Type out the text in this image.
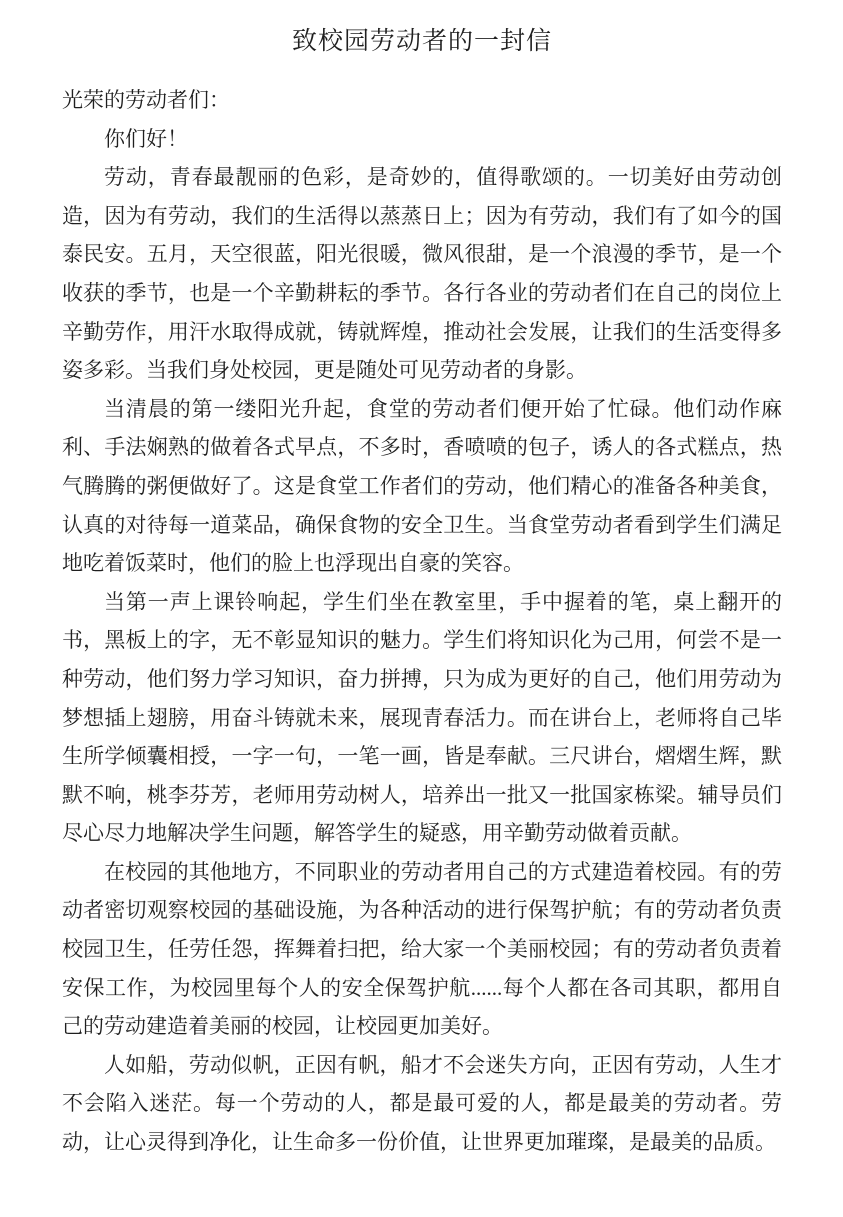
致校园劳动者的一封信

光荣的劳动者们：

你们好！

劳动，青春最靓丽的色彩，是奇妙的，值得歌颂的。一切美好由劳动创造，因为有劳动，我们的生活得以蒸蒸日上；因为有劳动，我们有了如今的国泰民安。五月，天空很蓝，阳光很暖，微风很甜，是一个浪漫的季节，是一个收获的季节，也是一个辛勤耕耘的季节。各行各业的劳动者们在自己的岗位上辛勤劳作，用汗水取得成就，铸就辉煌，推动社会发展，让我们的生活变得多姿多彩。当我们身处校园，更是随处可见劳动者的身影。

当清晨的第一缕阳光升起，食堂的劳动者们便开始了忙碌。他们动作麻利、手法娴熟的做着各式早点，不多时，香喷喷的包子，诱人的各式糕点，热气腾腾的粥便做好了。这是食堂工作者们的劳动，他们精心的准备各种美食，认真的对待每一道菜品，确保食物的安全卫生。当食堂劳动者看到学生们满足地吃着饭菜时，他们的脸上也浮现出自豪的笑容。

当第一声上课铃响起，学生们坐在教室里，手中握着的笔，桌上翻开的书，黑板上的字，无不彰显知识的魅力。学生们将知识化为己用，何尝不是一种劳动，他们努力学习知识，奋力拼搏，只为成为更好的自己，他们用劳动为梦想插上翅膀，用奋斗铸就未来，展现青春活力。而在讲台上，老师将自己毕生所学倾囊相授，一字一句，一笔一画，皆是奉献。三尺讲台，熠熠生辉，默默不响，桃李芬芳，老师用劳动树人，培养出一批又一批国家栋梁。辅导员们尽心尽力地解决学生问题，解答学生的疑惑，用辛勤劳动做着贡献。

在校园的其他地方，不同职业的劳动者用自己的方式建造着校园。有的劳动者密切观察校园的基础设施，为各种活动的进行保驾护航；有的劳动者负责校园卫生，任劳任怨，挥舞着扫把，给大家一个美丽校园；有的劳动者负责着安保工作，为校园里每个人的安全保驾护航......每个人都在各司其职，都用自己的劳动建造着美丽的校园，让校园更加美好。

人如船，劳动似帆，正因有帆，船才不会迷失方向，正因有劳动，人生才不会陷入迷茫。每一个劳动的人，都是最可爱的人，都是最美的劳动者。劳动，让心灵得到净化，让生命多一份价值，让世界更加璀璨，是最美的品质。
